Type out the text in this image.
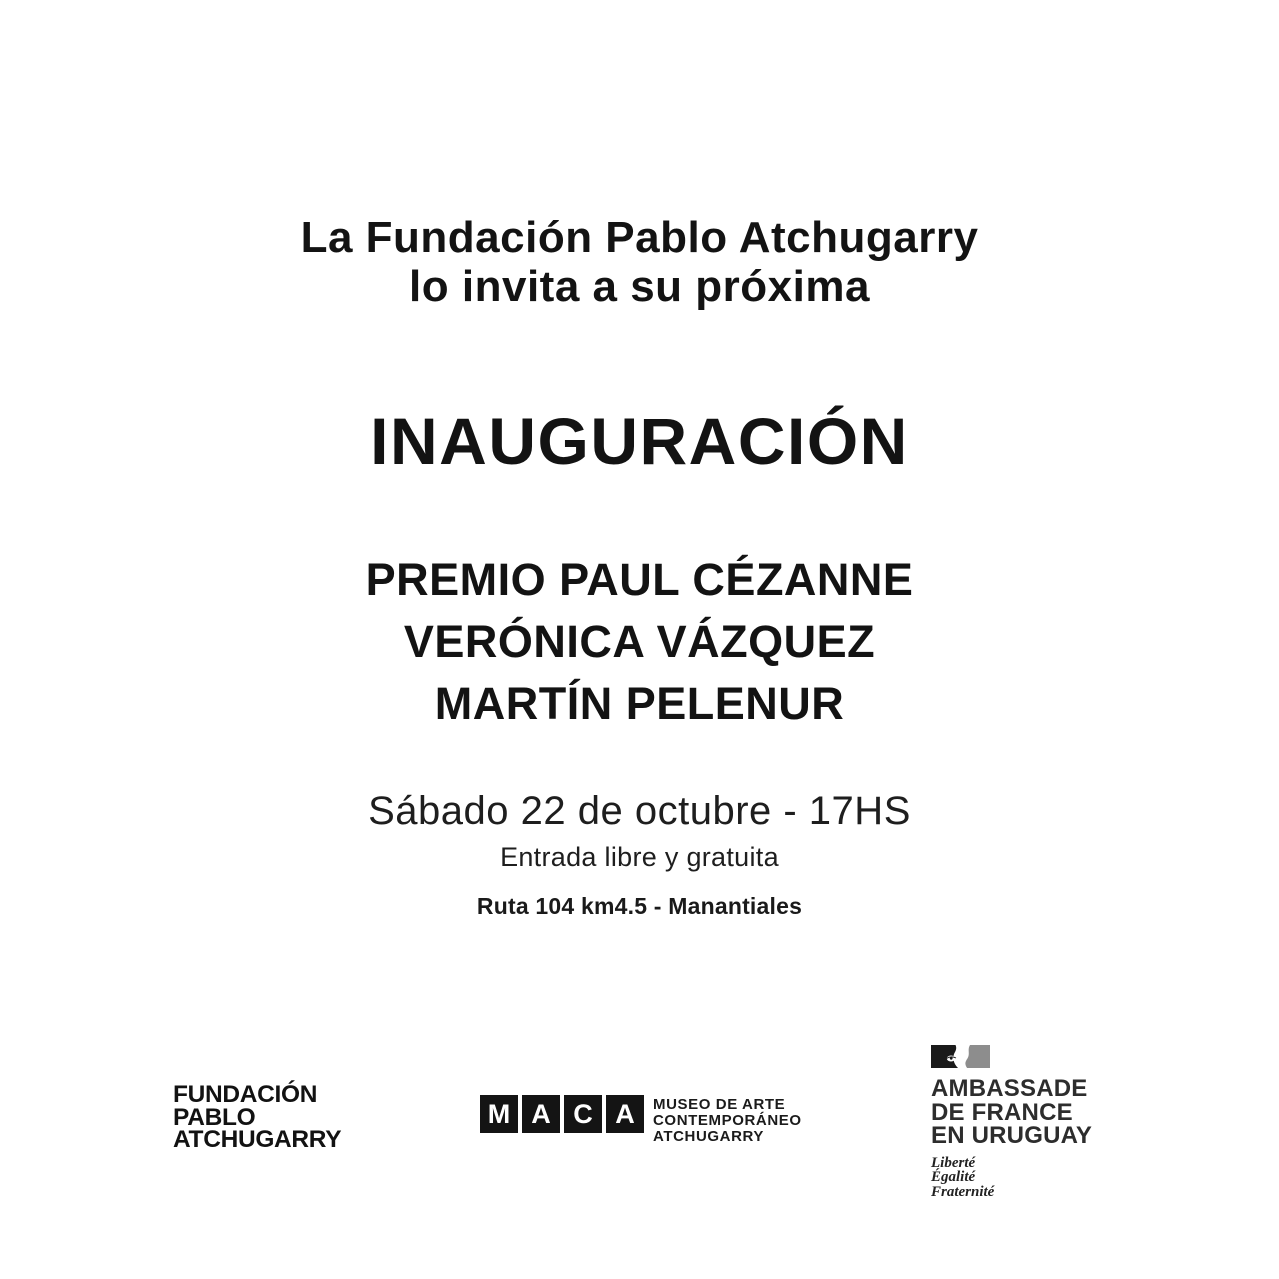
La Fundación Pablo Atchugarry
lo invita a su próxima
INAUGURACIÓN
PREMIO PAUL CÉZANNE
VERÓNICA VÁZQUEZ
MARTÍN PELENUR
Sábado 22 de octubre - 17HS
Entrada libre y gratuita
Ruta 104 km4.5 - Manantiales
FUNDACIÓN
PABLO
ATCHUGARRY
M A C A	MUSEO DE ARTE
CONTEMPORÁNEO
ATCHUGARRY
AMBASSADE
DE FRANCE
EN URUGUAY
Liberté
Égalité
Fraternité
